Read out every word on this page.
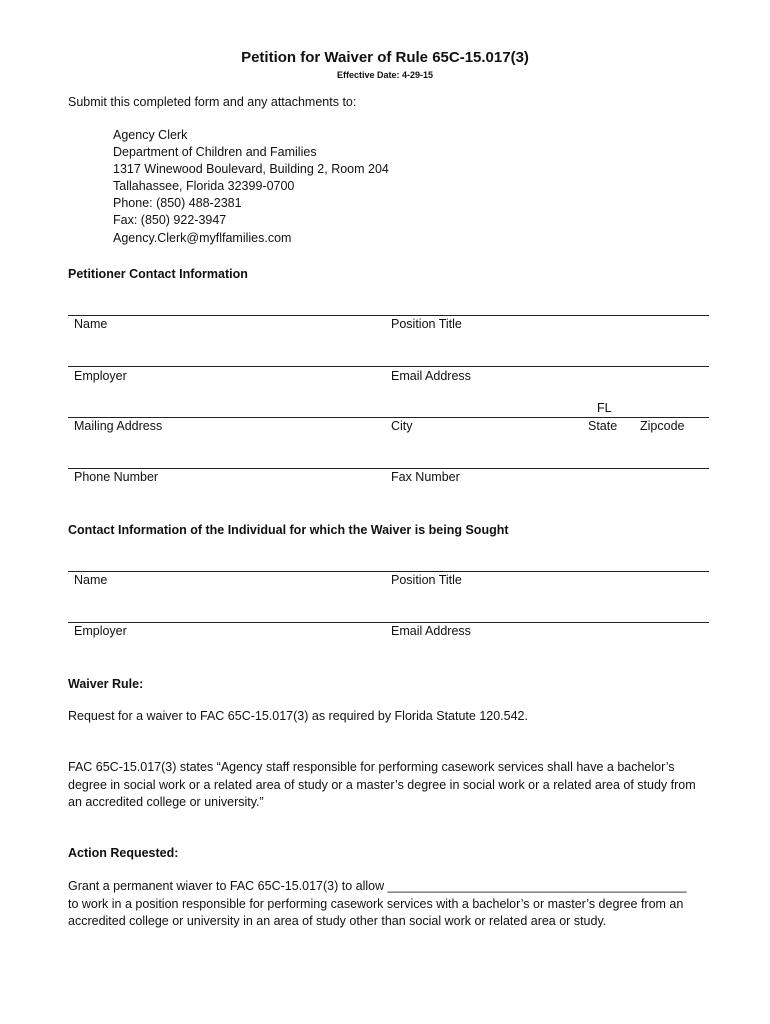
Petition for Waiver of Rule 65C-15.017(3)
Effective Date: 4-29-15
Submit this completed form and any attachments to:
Agency Clerk
Department of Children and Families
1317 Winewood Boulevard, Building 2, Room 204
Tallahassee, Florida 32399-0700
Phone: (850) 488-2381
Fax: (850) 922-3947
Agency.Clerk@myflfamilies.com
Petitioner Contact Information
Name	Position Title
Employer	Email Address
FL
Mailing Address	City	State Zipcode
Phone Number	Fax Number
Contact Information of the Individual for which the Waiver is being Sought
Name	Position Title
Employer	Email Address
Waiver Rule:
Request for a waiver to FAC 65C-15.017(3) as required by Florida Statute 120.542.
FAC 65C-15.017(3) states “Agency staff responsible for performing casework services shall have a bachelor’s degree in social work or a related area of study or a master’s degree in social work or a related area of study from an accredited college or university.”
Action Requested:
Grant a permanent wiaver to FAC 65C-15.017(3) to allow ___________________________________________ to work in a position responsible for performing casework services with a bachelor’s or master’s degree from an accredited college or university in an area of study other than social work or related area or study.
